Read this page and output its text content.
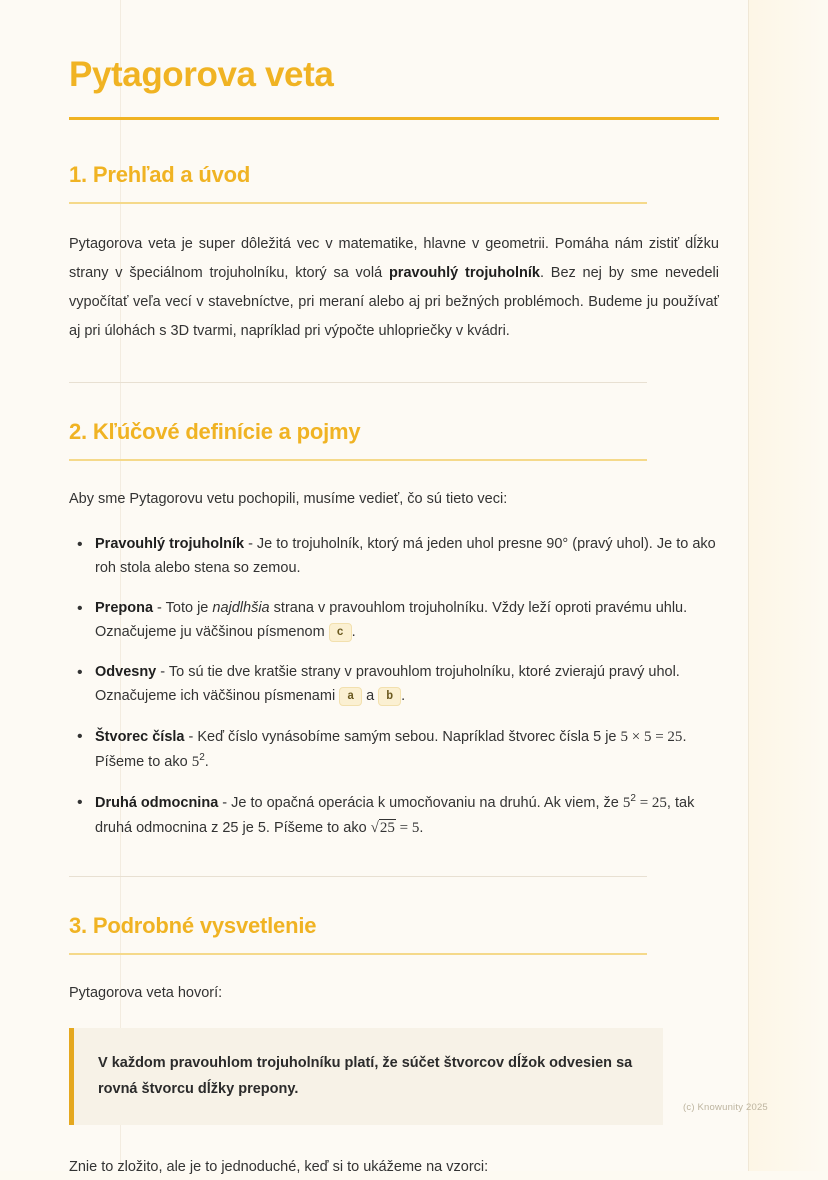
Pytagorova veta
1. Prehľad a úvod

Pytagorova veta je super dôležitá vec v matematike, hlavne v geometrii. Pomáha nám zistiť dĺžku strany v špeciálnom trojuholníku, ktorý sa volá pravouhlý trojuholník. Bez nej by sme nevedeli vypočítať veľa vecí v stavebníctve, pri meraní alebo aj pri bežných problémoch. Budeme ju používať aj pri úlohách s 3D tvarmi, napríklad pri výpočte uhlopriečky v kvádri.

2. Kľúčové definície a pojmy

Aby sme Pytagorovu vetu pochopili, musíme vedieť, čo sú tieto veci:

• Pravouhlý trojuholník - Je to trojuholník, ktorý má jeden uhol presne 90° (pravý uhol). Je to ako roh stola alebo stena so zemou.
• Prepona - Toto je najdlhšia strana v pravouhlom trojuholníku. Vždy leží oproti pravému uhlu. Označujeme ju väčšinou písmenom c .
• Odvesny - To sú tie dve kratšie strany v pravouhlom trojuholníku, ktoré zvierajú pravý uhol. Označujeme ich väčšinou písmenami a a b .
• Štvorec čísla - Keď číslo vynásobíme samým sebou. Napríklad štvorec čísla 5 je 5 × 5 = 25. Píšeme to ako $5^2$.
• Druhá odmocnina - Je to opačná operácia k umocňovaniu na druhú. Ak viem, že $5^2 = 25$, tak druhá odmocnina z 25 je 5. Píšeme to ako √25 = 5.
3. Podrobné vysvetlenie

Pytagorova veta hovorí:

V každom pravouhlom trojuholníku platí, že súčet štvorcov dĺžok odvesien sa rovná štvorcu dĺžky prepony.

Znie to zložito, ale je to jednoduché, keď si to ukážeme na vzorci:

(c) Knowunity 2025
